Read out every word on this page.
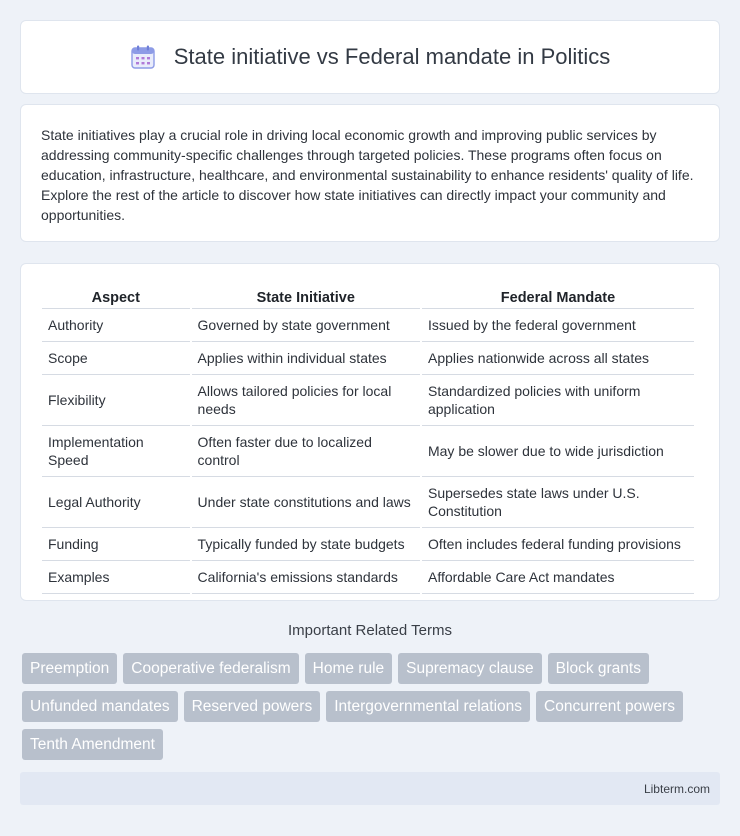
State initiative vs Federal mandate in Politics

State initiatives play a crucial role in driving local economic growth and improving public services by addressing community-specific challenges through targeted policies. These programs often focus on education, infrastructure, healthcare, and environmental sustainability to enhance residents' quality of life. Explore the rest of the article to discover how state initiatives can directly impact your community and opportunities.

Aspect	State Initiative	Federal Mandate
Authority	Governed by state government	Issued by the federal government
Scope	Applies within individual states	Applies nationwide across all states
Flexibility	Allows tailored policies for local needs	Standardized policies with uniform application
Implementation Speed	Often faster due to localized control	May be slower due to wide jurisdiction
Legal Authority	Under state constitutions and laws	Supersedes state laws under U.S. Constitution
Funding	Typically funded by state budgets	Often includes federal funding provisions
Examples	California's emissions standards	Affordable Care Act mandates
Important Related Terms
Preemption	Cooperative federalism	Home rule	Supremacy clause	Block grants
Unfunded mandates	Reserved powers	Intergovernmental relations	Concurrent powers
Tenth Amendment
Libterm.com
